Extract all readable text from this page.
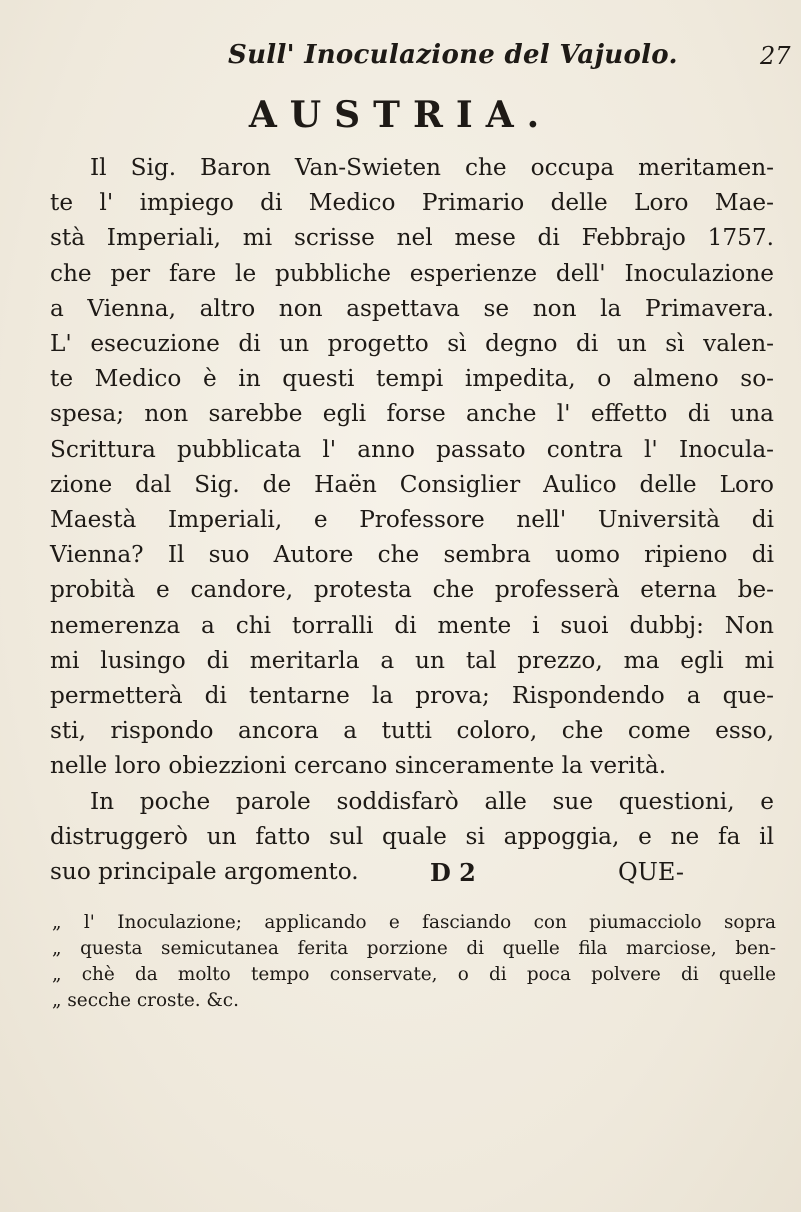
Sull' Inoculazione del Vajuolo.	27
AUSTRIA.
Il Sig. Baron Van-Swieten che occupa meritamen-
te l' impiego di Medico Primario delle Loro Mae-
stà Imperiali, mi scrisse nel mese di Febbrajo 1757.
che per fare le pubbliche esperienze dell' Inoculazione
a Vienna, altro non aspettava se non la Primavera.
L' esecuzione di un progetto sì degno di un sì valen-
te Medico è in questi tempi impedita, o almeno so-
spesa; non sarebbe egli forse anche l' effetto di una
Scrittura pubblicata l' anno passato contra l' Inocula-
zione dal Sig. de Haën Consiglier Aulico delle Loro
Maestà Imperiali, e Professore nell' Università di
Vienna? Il suo Autore che sembra uomo ripieno di
probità e candore, protesta che professerà eterna be-
nemerenza a chi torralli di mente i suoi dubbj: Non
mi lusingo di meritarla a un tal prezzo, ma egli mi
permetterà di tentarne la prova; Rispondendo a que-
sti, rispondo ancora a tutti coloro, che come esso,
nelle loro obiezzioni cercano sinceramente la verità.
In poche parole soddisfarò alle sue questioni, e
distruggerò un fatto sul quale si appoggia, e ne fa il
suo principale argomento.	D 2	QUE-
„ l' Inoculazione; applicando e fasciando con piumacciolo sopra
„ questa semicutanea ferita porzione di quelle fila marciose, ben-
„ chè da molto tempo conservate, o di poca polvere di quelle
„ secche croste. &c.
